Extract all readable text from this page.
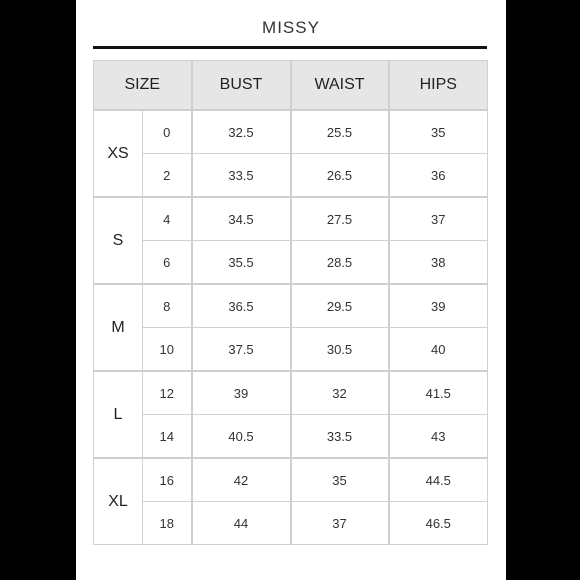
MISSY
SIZE		BUST	WAIST	HIPS
XS	0	32.5	25.5	35
	2	33.5	26.5	36
S	4	34.5	27.5	37
	6	35.5	28.5	38
M	8	36.5	29.5	39
	10	37.5	30.5	40
L	12	39	32	41.5
	14	40.5	33.5	43
XL	16	42	35	44.5
	18	44	37	46.5
